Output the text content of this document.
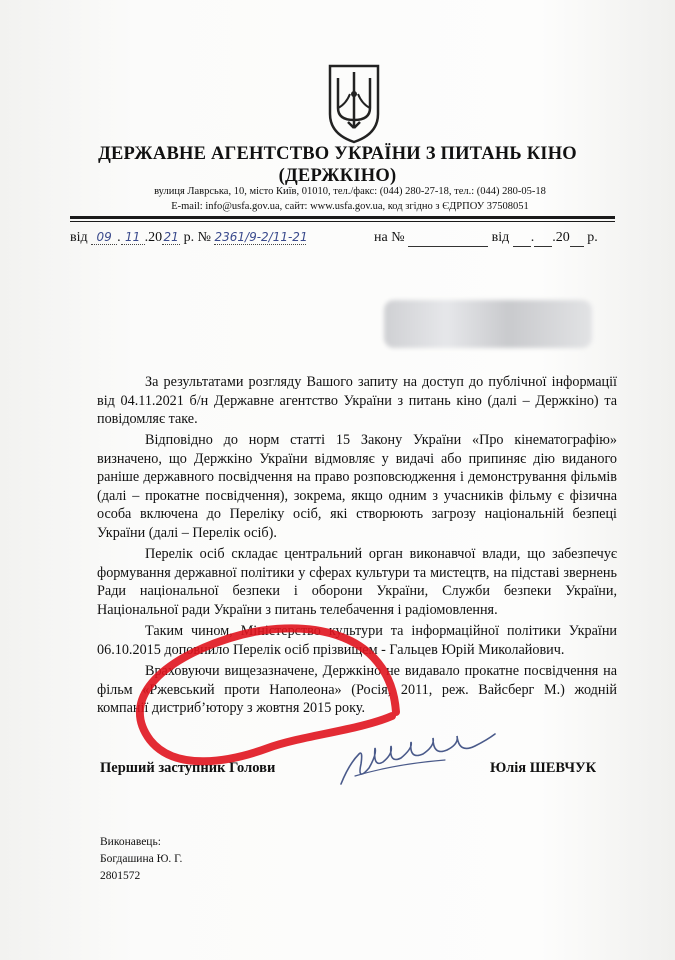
ДЕРЖАВНЕ АГЕНТСТВО УКРАЇНИ З ПИТАНЬ КІНО
(ДЕРЖКІНО)
вулиця Лаврська, 10, місто Київ, 01010, тел./факс: (044) 280-27-18, тел.: (044) 280-05-18
E-mail: info@usfa.gov.ua, сайт: www.usfa.gov.ua, код згідно з ЄДРПОУ 37508051
від 09 . 11 .2021 р. № 2361/9-2/11-21	на №	від . .20 р.

За результатами розгляду Вашого запиту на доступ до публічної інформації від 04.11.2021 б/н Державне агентство України з питань кіно (далі – Держкіно) та повідомляє таке.

Відповідно до норм статті 15 Закону України «Про кінематографію» визначено, що Держкіно України відмовляє у видачі або припиняє дію виданого раніше державного посвідчення на право розповсюдження і демонстрування фільмів (далі – прокатне посвідчення), зокрема, якщо одним з учасників фільму є фізична особа включена до Переліку осіб, які створюють загрозу національній безпеці України (далі – Перелік осіб).

Перелік осіб складає центральний орган виконавчої влади, що забезпечує формування державної політики у сферах культури та мистецтв, на підставі звернень Ради національної безпеки і оборони України, Служби безпеки України, Національної ради України з питань телебачення і радіомовлення.

Таким чином, Міністерство культури та інформаційної політики України 06.10.2015 доповнило Перелік осіб прізвищем - Гальцев Юрій Миколайович.

Враховуючи вищезазначене, Держкіно не видавало прокатне посвідчення на фільм «Ржевський проти Наполеона» (Росія, 2011, реж. Вайсберг М.) жодній компанії дистриб’ютору з жовтня 2015 року.

Перший заступник Голови	Юлія ШЕВЧУК
Виконавець:
Богдашина Ю. Г.
2801572
